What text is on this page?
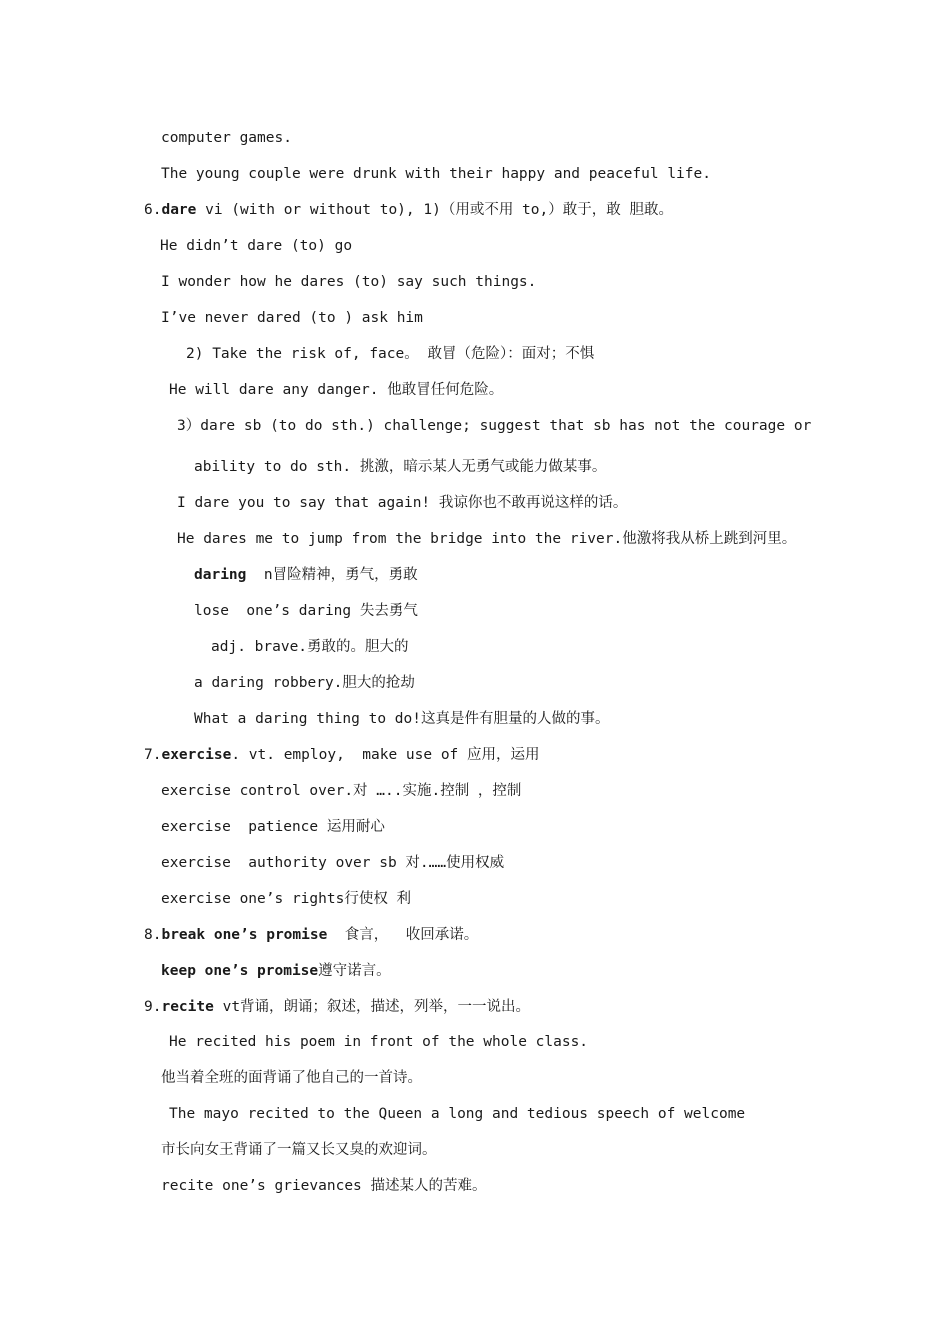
computer games.
The young couple were drunk with their happy and peaceful life.
6.dare vi (with or without to), 1)（用或不用 to,）敢于，敢 胆敢。
He didn’t dare (to) go
I wonder how he dares (to) say such things.
I’ve never dared (to ) ask him
2) Take the risk of, face。 敢冒（危险）：面对；不惧
He will dare any danger. 他敢冒任何危险。
3）dare sb (to do sth.) challenge; suggest that sb has not the courage or
ability to do sth. 挑激，暗示某人无勇气或能力做某事。
I dare you to say that again! 我谅你也不敢再说这样的话。
He dares me to jump from the bridge into the river.他激将我从桥上跳到河里。
daring  n冒险精神，勇气，勇敢
lose  one’s daring 失去勇气
adj. brave.勇敢的。胆大的
a daring robbery.胆大的抢劫
What a daring thing to do!这真是件有胆量的人做的事。
7.exercise. vt. employ,  make use of 应用，运用
exercise control over.对 …..实施.控制 ，控制
exercise  patience 运用耐心
exercise  authority over sb 对.……使用权威
exercise one’s rights行使权 利
8.break one’s promise  食言，  收回承诺。
keep one’s promise遵守诺言。
9.recite vt背诵，朗诵；叙述，描述，列举，一一说出。
He recited his poem in front of the whole class.
他当着全班的面背诵了他自己的一首诗。
The mayo recited to the Queen a long and tedious speech of welcome
市长向女王背诵了一篇又长又臭的欢迎词。
recite one’s grievances 描述某人的苦难。
